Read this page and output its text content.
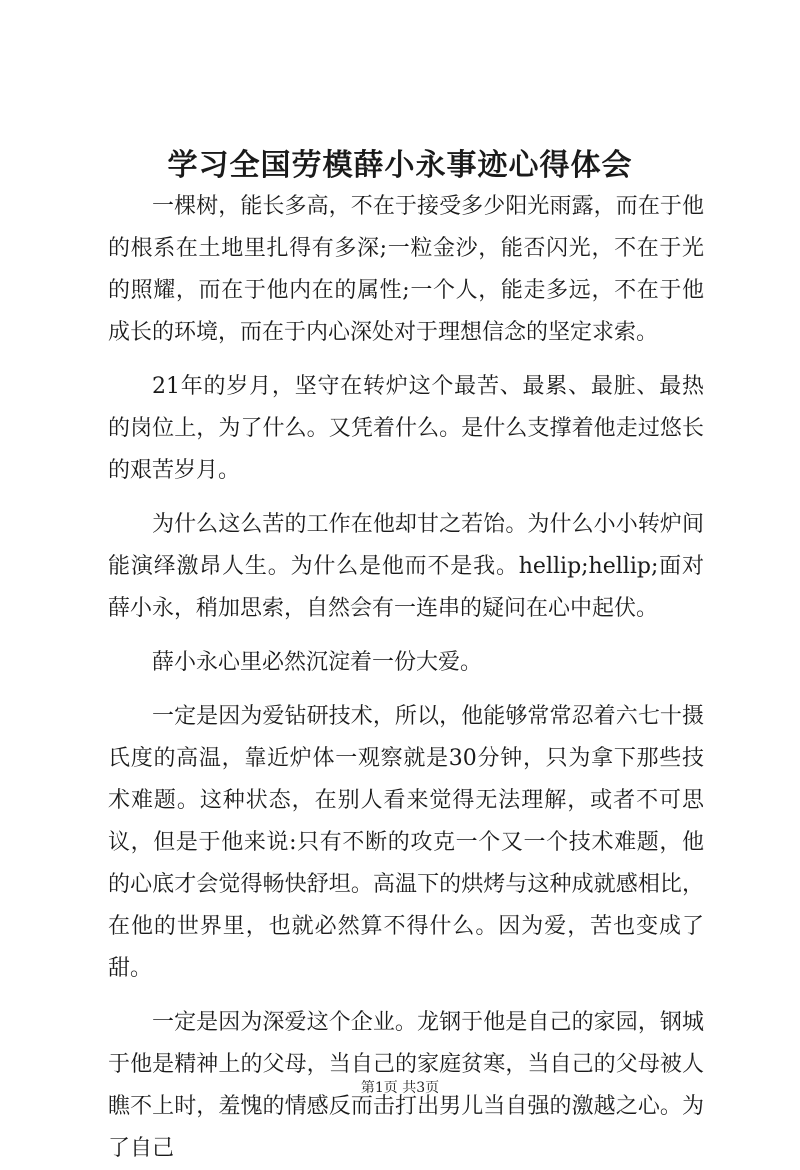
学习全国劳模薛小永事迹心得体会

一棵树，能长多高，不在于接受多少阳光雨露，而在于他的根系在土地里扎得有多深;一粒金沙，能否闪光，不在于光的照耀，而在于他内在的属性;一个人，能走多远，不在于他成长的环境，而在于内心深处对于理想信念的坚定求索。

21年的岁月，坚守在转炉这个最苦、最累、最脏、最热的岗位上，为了什么。又凭着什么。是什么支撑着他走过悠长的艰苦岁月。

为什么这么苦的工作在他却甘之若饴。为什么小小转炉间能演绎激昂人生。为什么是他而不是我。hellip;hellip;面对薛小永，稍加思索，自然会有一连串的疑问在心中起伏。

薛小永心里必然沉淀着一份大爱。

一定是因为爱钻研技术，所以，他能够常常忍着六七十摄氏度的高温，靠近炉体一观察就是30分钟，只为拿下那些技术难题。这种状态，在别人看来觉得无法理解，或者不可思议，但是于他来说:只有不断的攻克一个又一个技术难题，他的心底才会觉得畅快舒坦。高温下的烘烤与这种成就感相比，在他的世界里，也就必然算不得什么。因为爱，苦也变成了甜。

一定是因为深爱这个企业。龙钢于他是自己的家园，钢城于他是精神上的父母，当自己的家庭贫寒，当自己的父母被人瞧不上时，羞愧的情感反而击打出男儿当自强的激越之心。为了自己

第1页 共3页
